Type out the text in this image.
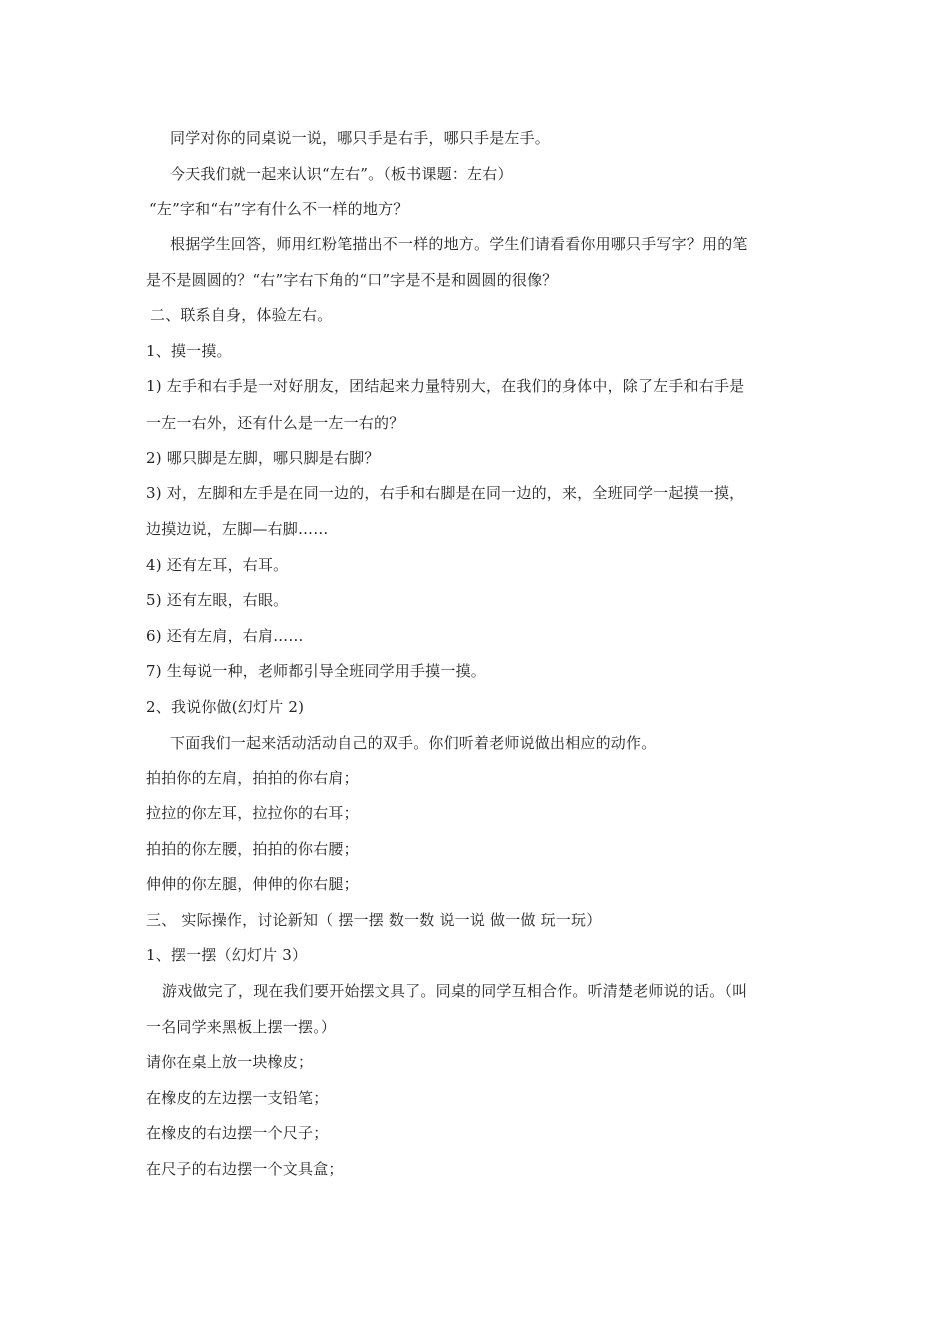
同学对你的同桌说一说，哪只手是右手，哪只手是左手。

今天我们就一起来认识“左右”。（板书课题：左右）

“左”字和“右”字有什么不一样的地方？

根据学生回答，师用红粉笔描出不一样的地方。学生们请看看你用哪只手写字？用的笔

是不是圆圆的？“右”字右下角的“口”字是不是和圆圆的很像？

二、联系自身，体验左右。

1、摸一摸。

1) 左手和右手是一对好朋友，团结起来力量特别大，在我们的身体中，除了左手和右手是

一左一右外，还有什么是一左一右的？

2) 哪只脚是左脚，哪只脚是右脚？

3) 对，左脚和左手是在同一边的，右手和右脚是在同一边的，来，全班同学一起摸一摸，

边摸边说，左脚—右脚……

4) 还有左耳，右耳。

5) 还有左眼，右眼。

6) 还有左肩，右肩……

7) 生每说一种，老师都引导全班同学用手摸一摸。

2、我说你做(幻灯片 2)

下面我们一起来活动活动自己的双手。你们听着老师说做出相应的动作。

拍拍你的左肩，拍拍的你右肩；

拉拉的你左耳，拉拉你的右耳；

拍拍的你左腰，拍拍的你右腰；

伸伸的你左腿，伸伸的你右腿；

三、 实际操作，讨论新知（ 摆一摆 数一数 说一说 做一做 玩一玩）

1、摆一摆（幻灯片 3）

游戏做完了，现在我们要开始摆文具了。同桌的同学互相合作。听清楚老师说的话。（叫

一名同学来黑板上摆一摆。）

请你在桌上放一块橡皮；

在橡皮的左边摆一支铅笔；

在橡皮的右边摆一个尺子；

在尺子的右边摆一个文具盒；
